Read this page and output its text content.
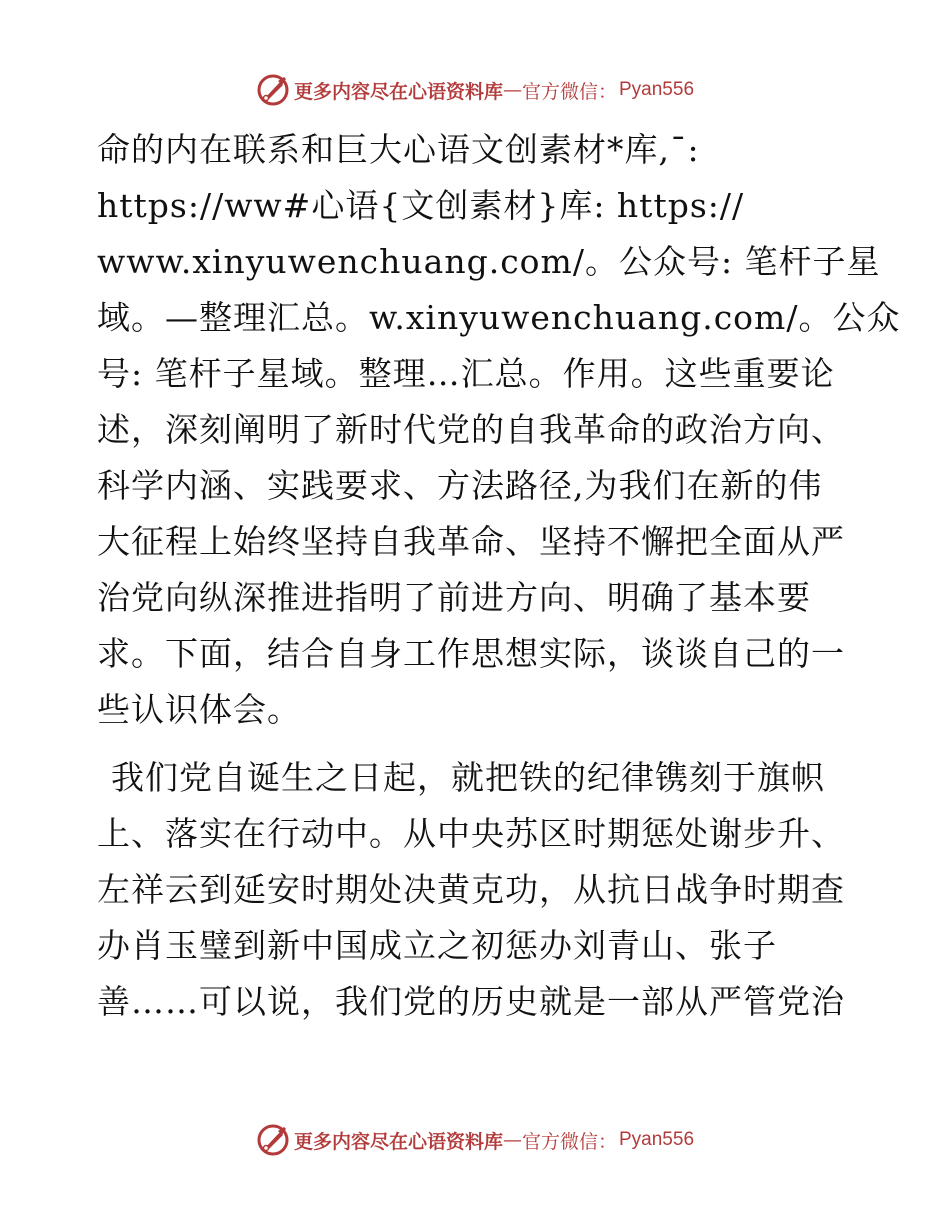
更多内容尽在心语资料库 — 官方微信： Pyan556

命的内在联系和巨大心语文创素材*库,¯:
https://ww#心语{文创素材}库: https://
www.xinyuwenchuang.com/。公众号: 笔杆子星
域。—整理汇总。w.xinyuwenchuang.com/。公众
号: 笔杆子星域。整理…汇总。作用。这些重要论
述，深刻阐明了新时代党的自我革命的政治方向、
科学内涵、实践要求、方法路径,为我们在新的伟
大征程上始终坚持自我革命、坚持不懈把全面从严
治党向纵深推进指明了前进方向、明确了基本要
求。下面，结合自身工作思想实际，谈谈自己的一
些认识体会。

我们党自诞生之日起，就把铁的纪律镌刻于旗帜
上、落实在行动中。从中央苏区时期惩处谢步升、
左祥云到延安时期处决黄克功，从抗日战争时期查
办肖玉璧到新中国成立之初惩办刘青山、张子
善……可以说，我们党的历史就是一部从严管党治

更多内容尽在心语资料库 — 官方微信： Pyan556
